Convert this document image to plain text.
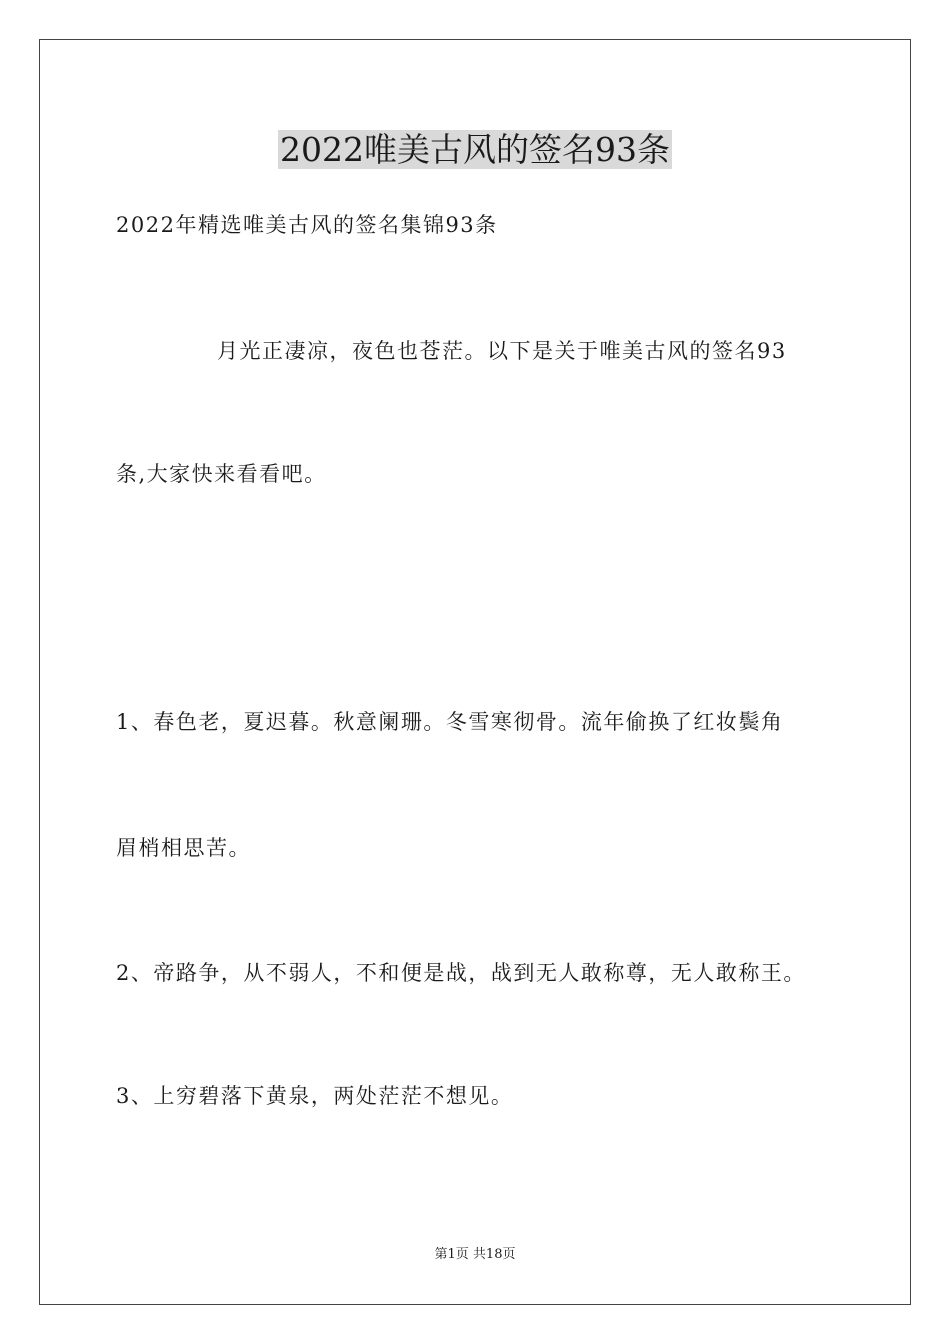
2022唯美古风的签名93条
2022年精选唯美古风的签名集锦93条
月光正凄凉，夜色也苍茫。以下是关于唯美古风的签名93
条,大家快来看看吧。
1、春色老，夏迟暮。秋意阑珊。冬雪寒彻骨。流年偷换了红妆鬓角
眉梢相思苦。
2、帝路争，从不弱人，不和便是战，战到无人敢称尊，无人敢称王。
3、上穷碧落下黄泉，两处茫茫不想见。
第1页 共18页
